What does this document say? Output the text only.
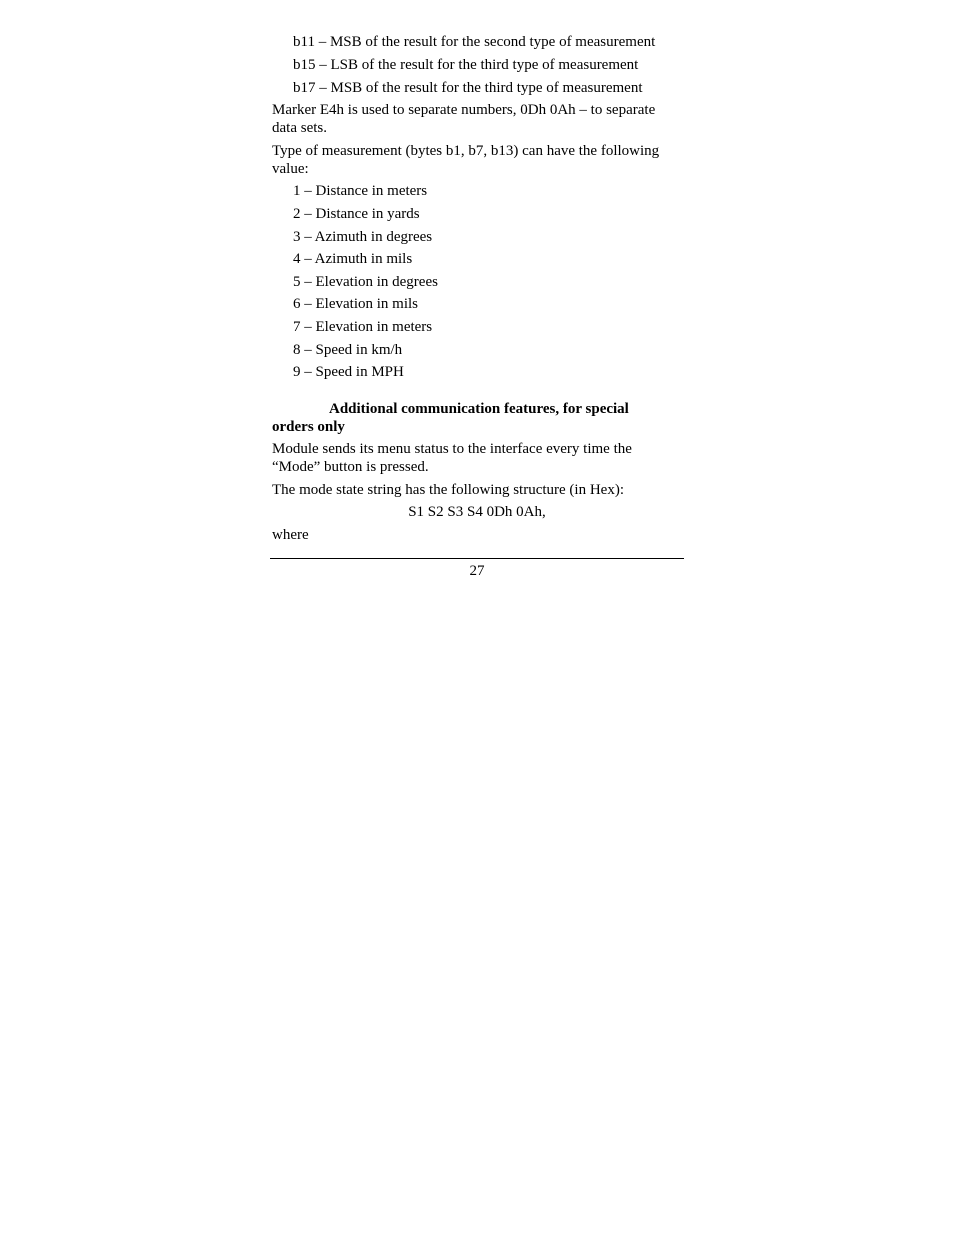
b11 – MSB of the result for the second type of measurement
b15 – LSB of the result for the third type of measurement
b17 – MSB of the result for the third type of measurement
Marker E4h is used to separate numbers, 0Dh 0Ah – to separate
data sets.
Type of measurement (bytes b1, b7, b13) can have the following
value:
1 – Distance in meters
2 – Distance in yards
3 – Azimuth in degrees
4 – Azimuth in mils
5 – Elevation in degrees
6 – Elevation in mils
7 – Elevation in meters
8 – Speed in km/h
9 – Speed in MPH
Additional communication features, for special
orders only
Module sends its menu status to the interface every time the
“Mode” button is pressed.
The mode state string has the following structure (in Hex):
S1 S2 S3 S4 0Dh 0Ah,
where
27
